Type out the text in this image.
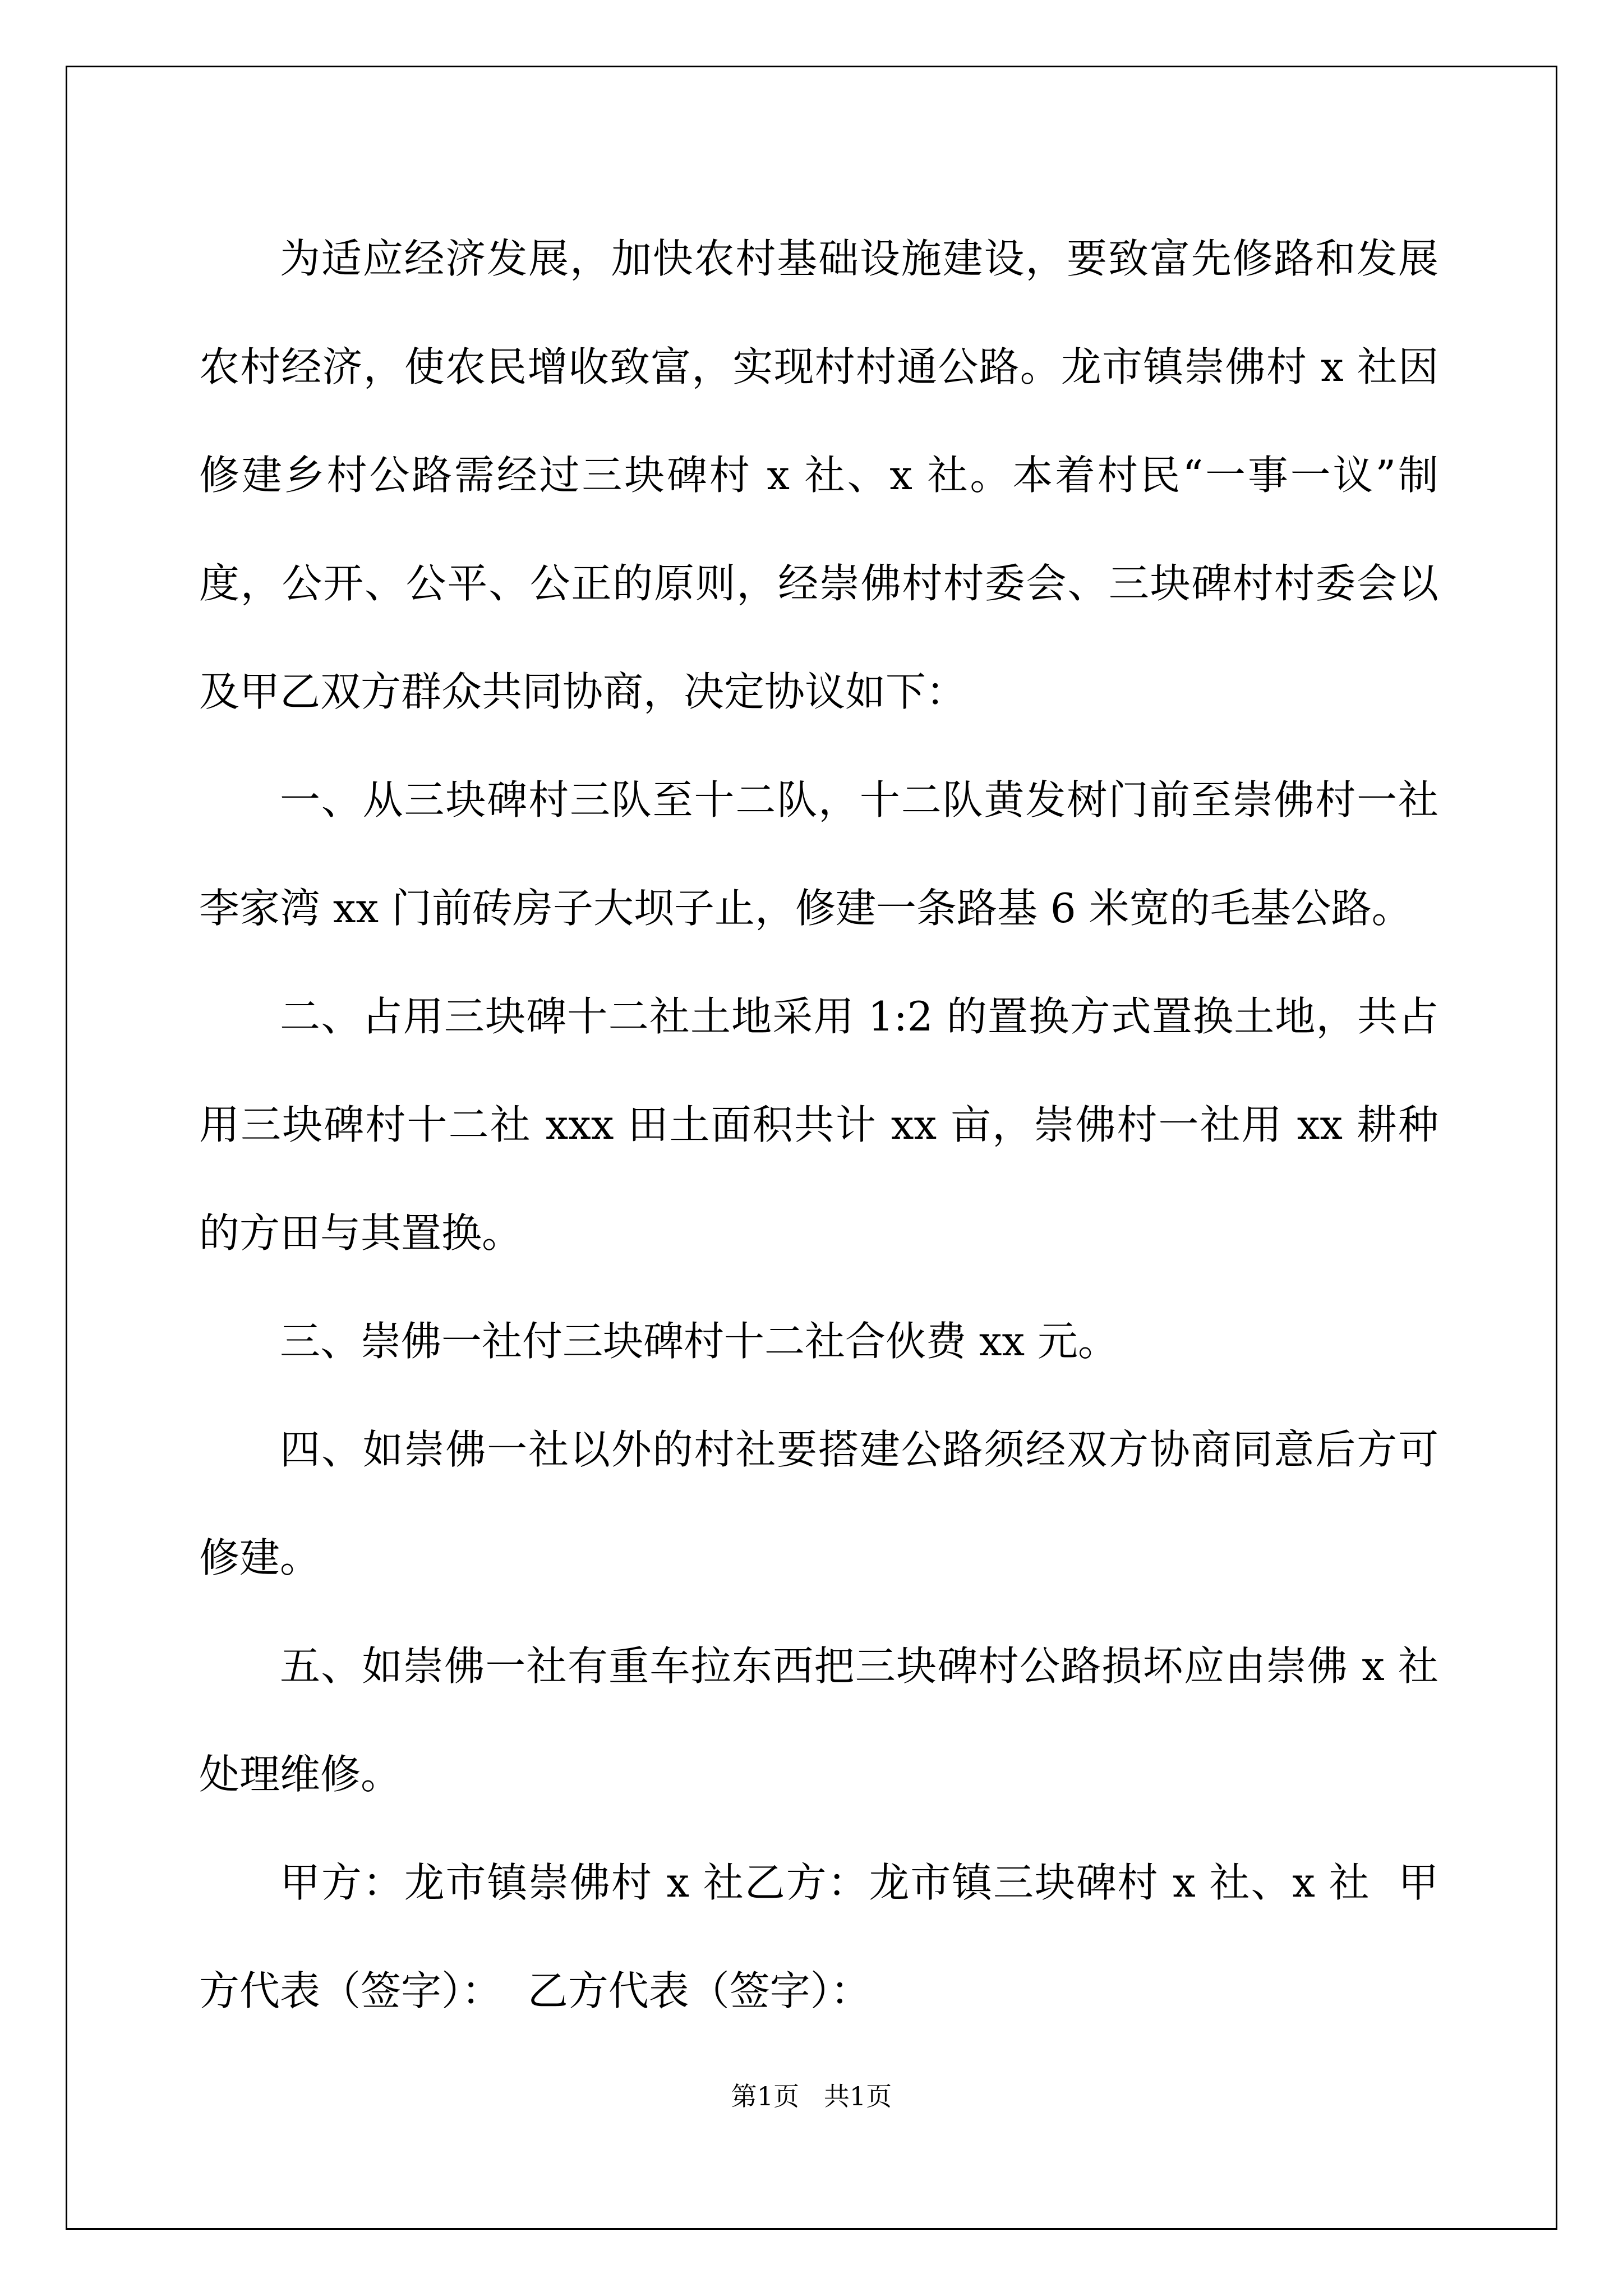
为适应经济发展，加快农村基础设施建设，要致富先修路和发展农村经济，使农民增收致富，实现村村通公路。龙市镇崇佛村 x 社因修建乡村公路需经过三块碑村 x 社、x 社。本着村民“一事一议”制度，公开、公平、公正的原则，经崇佛村村委会、三块碑村村委会以及甲乙双方群众共同协商，决定协议如下：

一、从三块碑村三队至十二队，十二队黄发树门前至崇佛村一社李家湾 xx 门前砖房子大坝子止，修建一条路基 6 米宽的毛基公路。

二、占用三块碑十二社土地采用 1:2 的置换方式置换土地，共占用三块碑村十二社 xxx 田土面积共计 xx 亩，崇佛村一社用 xx 耕种的方田与其置换。

三、崇佛一社付三块碑村十二社合伙费 xx 元。

四、如崇佛一社以外的村社要搭建公路须经双方协商同意后方可修建。

五、如崇佛一社有重车拉东西把三块碑村公路损坏应由崇佛 x 社处理维修。

甲方：龙市镇崇佛村 x 社乙方：龙市镇三块碑村 x 社、x 社  甲方代表（签字）：  乙方代表（签字）：

第1页   共1页
